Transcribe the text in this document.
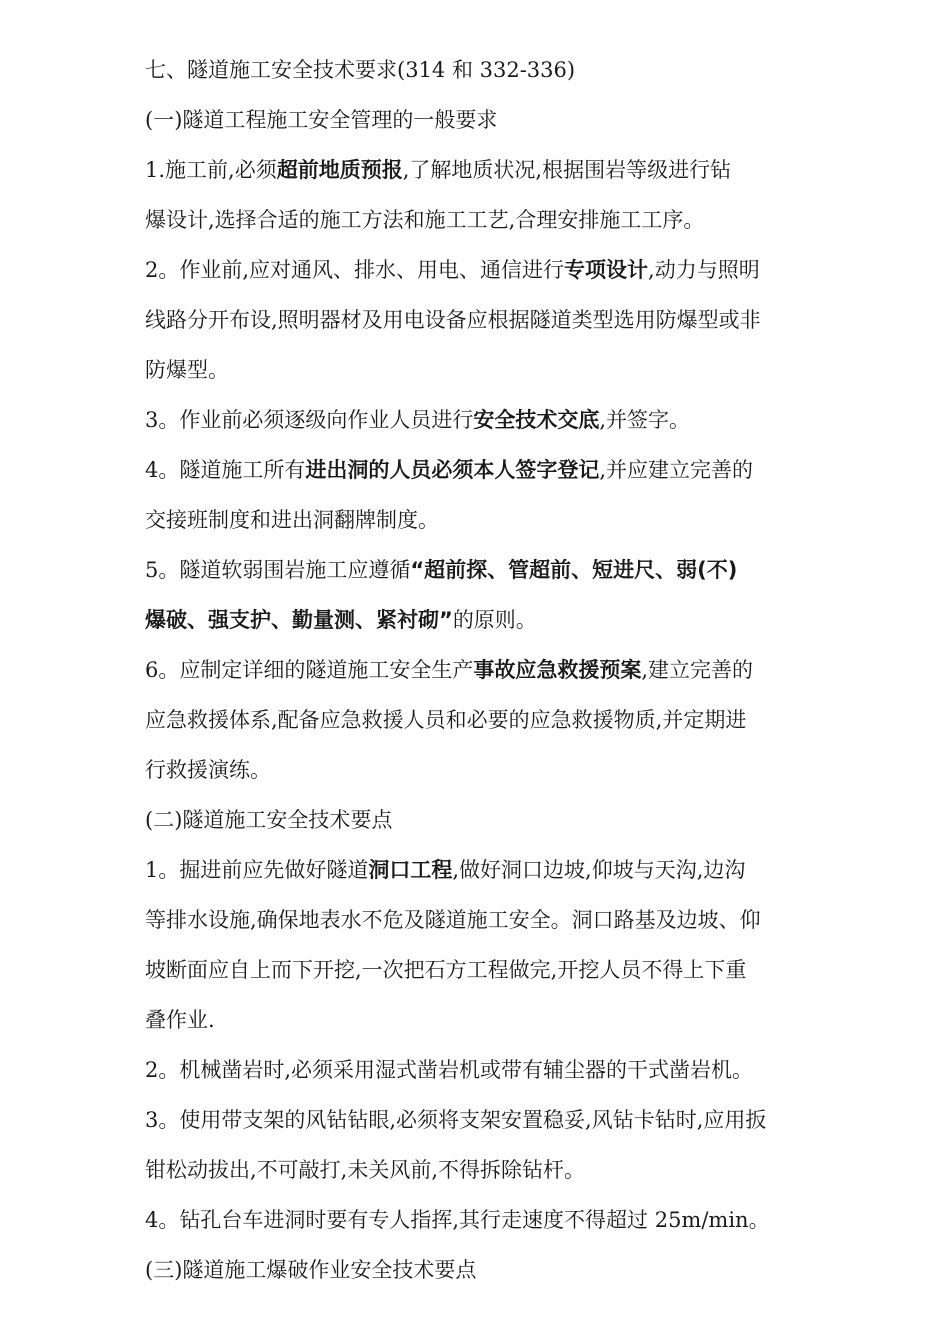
七、隧道施工安全技术要求(314 和 332-336)
(一)隧道工程施工安全管理的一般要求
1.施工前,必须超前地质预报,了解地质状况,根据围岩等级进行钻
爆设计,选择合适的施工方法和施工工艺,合理安排施工工序。
2。作业前,应对通风、排水、用电、通信进行专项设计,动力与照明
线路分开布设,照明器材及用电设备应根据隧道类型选用防爆型或非
防爆型。
3。作业前必须逐级向作业人员进行安全技术交底,并签字。
4。隧道施工所有进出洞的人员必须本人签字登记,并应建立完善的
交接班制度和进出洞翻牌制度。
5。隧道软弱围岩施工应遵循“超前探、管超前、短进尺、弱(不)
爆破、强支护、勤量测、紧衬砌”的原则。
6。应制定详细的隧道施工安全生产事故应急救援预案,建立完善的
应急救援体系,配备应急救援人员和必要的应急救援物质,并定期进
行救援演练。
(二)隧道施工安全技术要点
1。掘进前应先做好隧道洞口工程,做好洞口边坡,仰坡与天沟,边沟
等排水设施,确保地表水不危及隧道施工安全。洞口路基及边坡、仰
坡断面应自上而下开挖,一次把石方工程做完,开挖人员不得上下重
叠作业.
2。机械凿岩时,必须采用湿式凿岩机或带有辅尘器的干式凿岩机。
3。使用带支架的风钻钻眼,必须将支架安置稳妥,风钻卡钻时,应用扳
钳松动拔出,不可敲打,未关风前,不得拆除钻杆。
4。钻孔台车进洞时要有专人指挥,其行走速度不得超过 25m/min。
(三)隧道施工爆破作业安全技术要点
